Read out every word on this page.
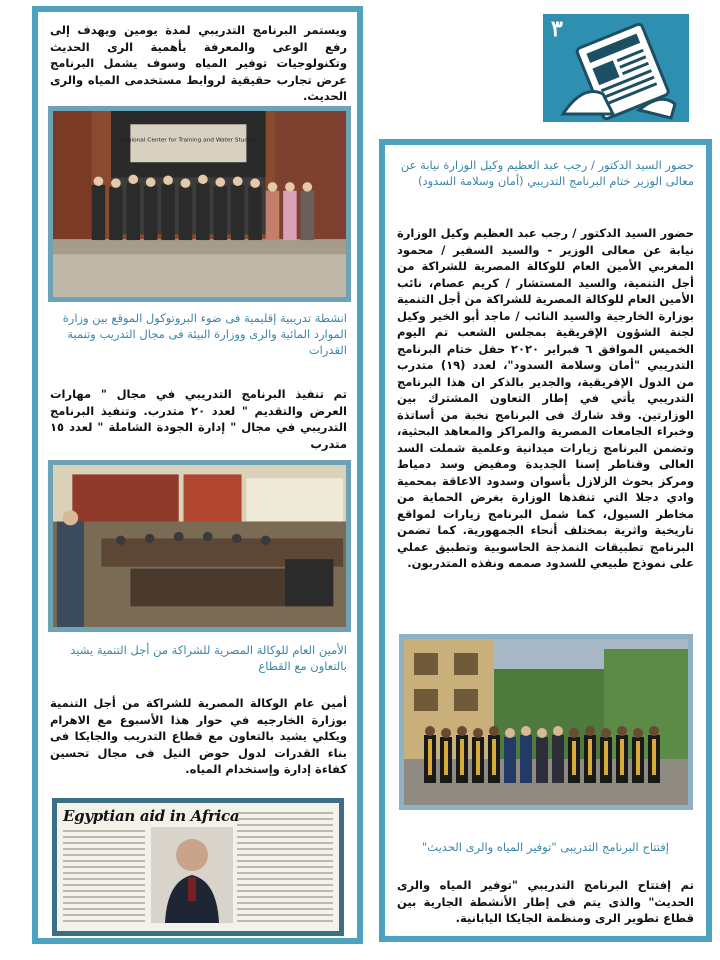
٣

ويستمر البرنامج التدريبي لمدة يومين ويهدف إلى رفع الوعى والمعرفة بأهمية الرى الحديث وتكنولوجيات توفير المياه وسوف يشمل البرنامج عرض تجارب حقيقية لروابط مستخدمى المياه والرى الحديث.

Regional Center for Training and Water Studies

انشطة تدريبية إقليمية فى ضوء البروتوكول الموقع بين وزارة الموارد المائية والرى ووزارة البيئة فى مجال التدريب وتنمية القدرات

تم تنفيذ البرنامج التدريبي في مجال " مهارات العرض والتقديم " لعدد ٢٠ متدرب. وتنفيذ البرنامج التدريبي في مجال " إدارة الجودة الشاملة " لعدد ١٥ متدرب

الأمين العام للوكالة المصرية للشراكة من أجل التنمية يشيد بالتعاون مع القطاع

أمين عام الوكالة المصرية للشراكة من أجل التنمية بوزارة الخارجيه في حوار هذا الأسبوع مع الاهرام ويكلي يشيد بالتعاون مع قطاع التدريب والجايكا فى بناء القدرات لدول حوض النيل فى مجال تحسين كفاءة إدارة وإستخدام المياه.

Egyptian aid in Africa

حضور السيد الدكتور / رجب عبد العظيم وكيل الوزارة نيابة عن معالى الوزير ختام البرنامج التدريبي (أمان وسلامة السدود)

حضور السيد الدكتور / رجب عبد العظيم وكيل الوزارة نيابة عن معالى الوزير - والسيد السفير / محمود المغربي الأمين العام للوكالة المصرية للشراكة من أجل التنمية، والسيد المستشار / كريم عصام، نائب الأمين العام للوكالة المصرية للشراكة من أجل التنمية بوزارة الخارجية والسيد النائب / ماجد أبو الخير وكيل لجنة الشؤون الإفريقية بمجلس الشعب تم اليوم الخميس الموافق ٦ فبراير ٢٠٢٠ حفل ختام البرنامج التدريبي "أمان وسلامة السدود"، لعدد (١٩) متدرب من الدول الإفريقية، والجدير بالذكر ان هذا البرنامج التدريبي يأتي في إطار التعاون المشترك بين الوزارتين. وقد شارك فى البرنامج نخبة من أساتذة وخبراء الجامعات المصرية والمراكز والمعاهد البحثية، وتضمن البرنامج زيارات ميدانية وعلمية شملت السد العالى وقناطر إسنا الجديدة ومفيض وسد دمياط ومركز بحوث الزلازل بأسوان وسدود الاعاقة بمحمية وادي دجلا التي تنفذها الوزارة بغرض الحماية من مخاطر السيول، كما شمل البرنامج زيارات لمواقع تاريخية واثرية بمختلف أنحاء الجمهورية. كما تضمن البرنامج تطبيقات النمذجة الحاسوبية وتطبيق عملي على نموذج طبيعي للسدود صممه ونفذه المتدربون.

إفتتاح البرنامج التدريبى "توفير المياه والرى الحديث"

تم إفتتاح البرنامج التدريبي "توفير المياه والرى الحديث" والذى يتم فى إطار الأنشطة الجارية بين قطاع تطوير الرى ومنظمة الجايكا اليابانية.
